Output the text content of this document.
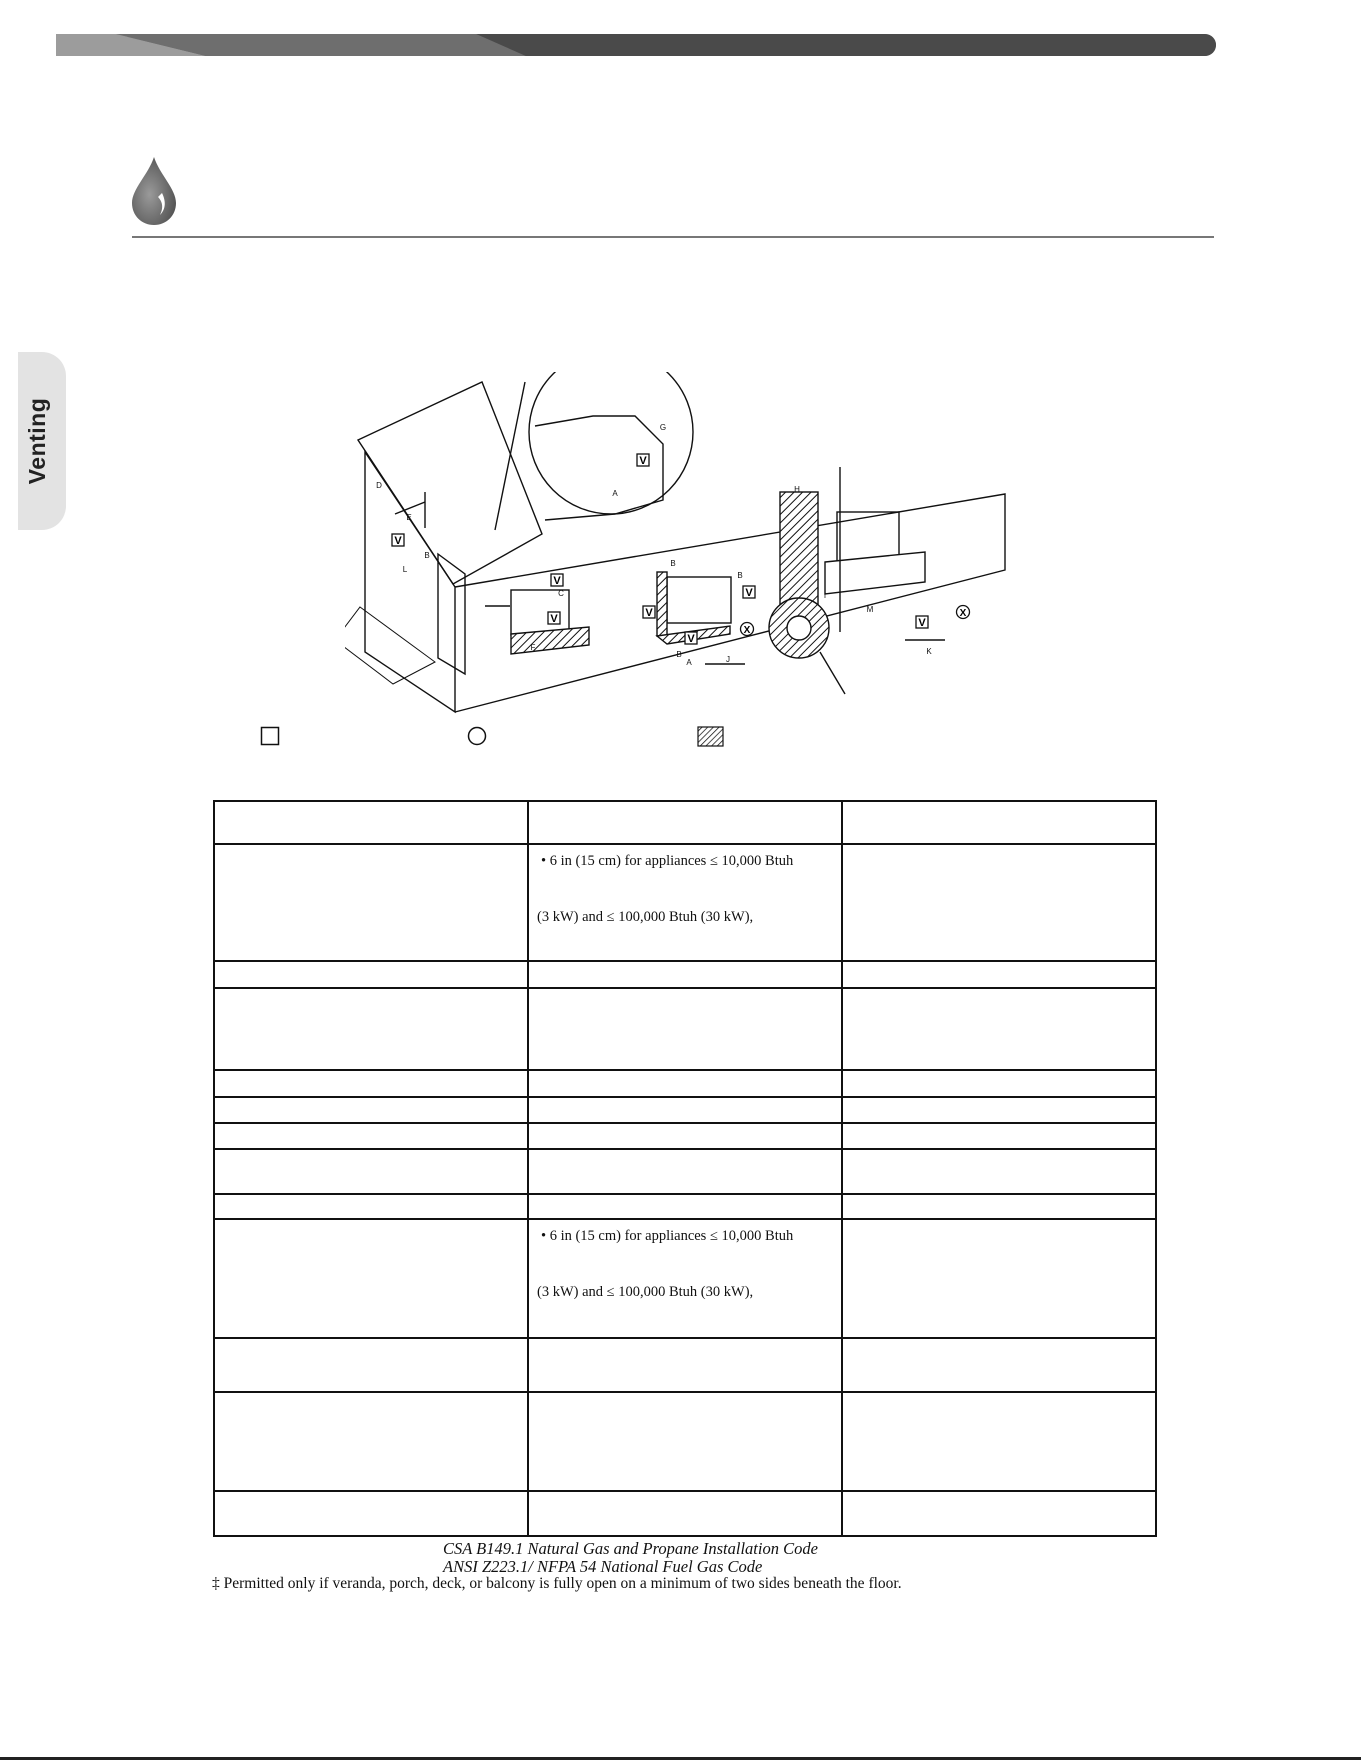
Venting
V
V
V	V
V
V
V
V
X
X
A
A
B
B
B
B
C
D
E
F
G
H
I
J
K
L
M

	• 6 in (15 cm) for appliances ≤ 10,000 Btuh
(3 kW) and ≤ 100,000 Btuh (30 kW),	

	• 6 in (15 cm) for appliances ≤ 10,000 Btuh
(3 kW) and ≤ 100,000 Btuh (30 kW),	

CSA B149.1 Natural Gas and Propane Installation Code
ANSI Z223.1/ NFPA 54 National Fuel Gas Code
‡ Permitted only if veranda, porch, deck, or balcony is fully open on a minimum of two sides beneath the floor.
